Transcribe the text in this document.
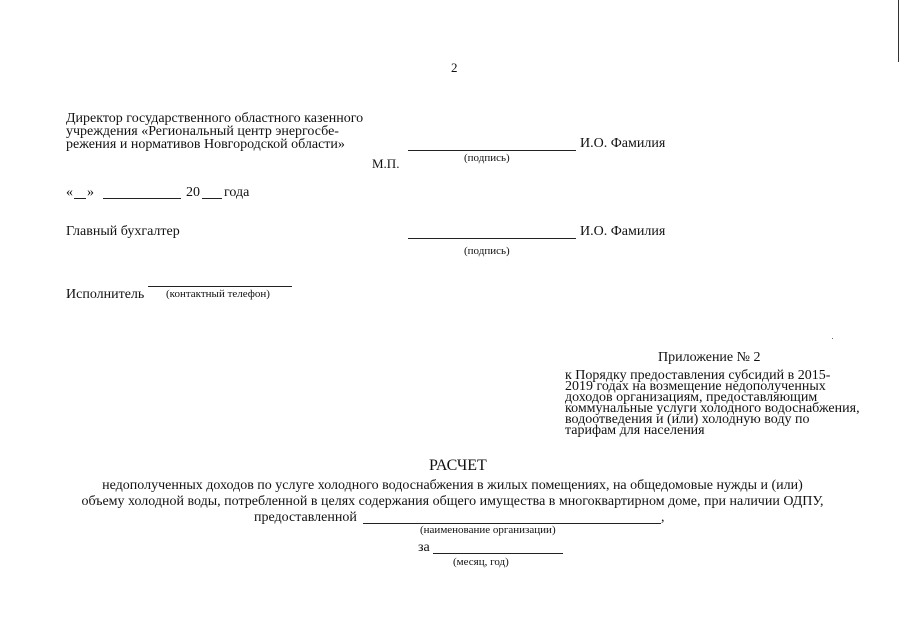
2
Директор государственного областного казенного
учреждения «Региональный центр энергосбе-
режения и нормативов Новгородской области»	И.О. Фамилия
(подпись)
М.П.
« »	20 года
Главный бухгалтер	И.О. Фамилия
(подпись)
Исполнитель (контактный телефон)
Приложение № 2
к Порядку предоставления субсидий в 2015-
2019 годах на возмещение недополученных
доходов организациям, предоставляющим
коммунальные услуги холодного водоснабжения,
водоотведения и (или) холодную воду по
тарифам для населения
РАСЧЕТ
недополученных доходов по услуге холодного водоснабжения в жилых помещениях, на общедомовые нужды и (или)
объему холодной воды, потребленной в целях содержания общего имущества в многоквартирном доме, при наличии ОДПУ,
предоставленной	,
(наименование организации)
за
(месяц, год)
